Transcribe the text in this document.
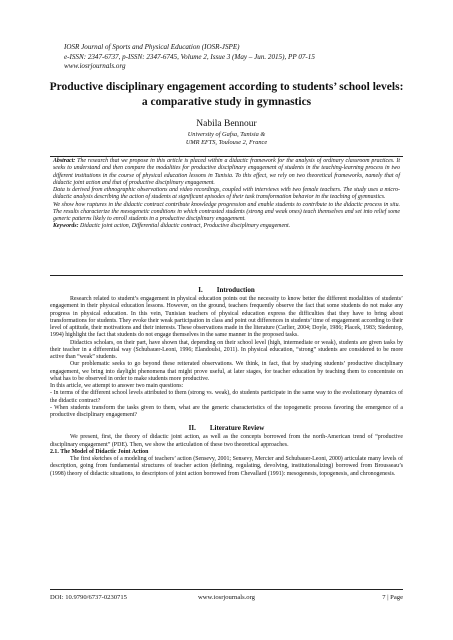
IOSR Journal of Sports and Physical Education (IOSR-JSPE)
e-ISSN: 2347-6737, p-ISSN: 2347-6745, Volume 2, Issue 3 (May – Jun. 2015), PP 07-15
www.iosrjournals.org
Productive disciplinary engagement according to students’ school levels: a comparative study in gymnastics
Nabila Bennour
University of Gafsa, Tunisia &
UMR EFTS, Toulouse 2, France

Abstract: The research that we propose in this article is placed within a didactic framework for the analysis of ordinary classroom practices. It seeks to understand and then compare the modalities for productive disciplinary engagement of students in the teaching-learning process in two different institutions in the course of physical education lessons in Tunisia. To this effect, we rely on two theoretical frameworks, namely that of didactic joint action and that of productive disciplinary engagement.

Data is derived from ethnographic observations and video recordings, coupled with interviews with two female teachers. The study uses a micro-didactic analysis describing the action of students at significant episodes of their task transformation behavior in the teaching of gymnastics.

We show how ruptures in the didactic contract contribute knowledge progression and enable students to contribute to the didactic process in situ. The results characterize the mesogenetic conditions in which contrasted students (strong and weak ones) teach themselves and set into relief some generic patterns likely to enroll students in a productive disciplinary engagement.

Keywords: Didactic joint action, Differential didactic contract, Productive disciplinary engagement.

I. Introduction

Research related to student’s engagement in physical education points out the necessity to know better the different modalities of students’ engagement in their physical education lessons. However, on the ground, teachers frequently observe the fact that some students do not make any progress in physical education. In this vein, Tunisian teachers of physical education express the difficulties that they have to bring about transformations for students. They evoke their weak participation in class and point out differences in students’ time of engagement according to their level of aptitude, their motivations and their interests. These observations made in the literature (Carlier, 2004; Doyle, 1986; Placek, 1983; Siedentop, 1994) highlight the fact that students do not engage themselves in the same manner in the proposed tasks.

Didactics scholars, on their part, have shown that, depending on their school level (high, intermediate or weak), students are given tasks by their teacher in a differential way (Schubauer-Leoni, 1996; Elandoulsi, 2011). In physical education, “strong” students are considered to be more active than “weak” students.

Our problematic seeks to go beyond these reiterated observations. We think, in fact, that by studying students’ productive disciplinary engagement, we bring into daylight phenomena that might prove useful, at later stages, for teacher education by teaching them to concentrate on what has to be observed in order to make students more productive.

In this article, we attempt to answer two main questions:

- In terms of the different school levels attributed to them (strong vs. weak), do students participate in the same way to the evolutionary dynamics of the didactic contract?

- When students transform the tasks given to them, what are the generic characteristics of the topogenetic process favoring the emergence of a productive disciplinary engagement?

II. Literature Review

We present, first, the theory of didactic joint action, as well as the concepts borrowed from the north-American trend of “productive disciplinary engagement” (PDE). Then, we show the articulation of these two theoretical approaches.

2.1. The Model of Didactic Joint Action

The first sketches of a modeling of teachers’ action (Sensevy, 2001; Sensevy, Mercier and Schubauer-Leoni, 2000) articulate many levels of description, going from fundamental structures of teacher action (defining, regulating, devolving, institutionalizing) borrowed from Brousseau’s (1998) theory of didactic situations, to descriptors of joint action borrowed from Chevallard (1991): mesogenesis, topogenesis, and chronogenesis.

DOI: 10.9790/6737-0230715	www.iosrjournals.org	7 | Page
